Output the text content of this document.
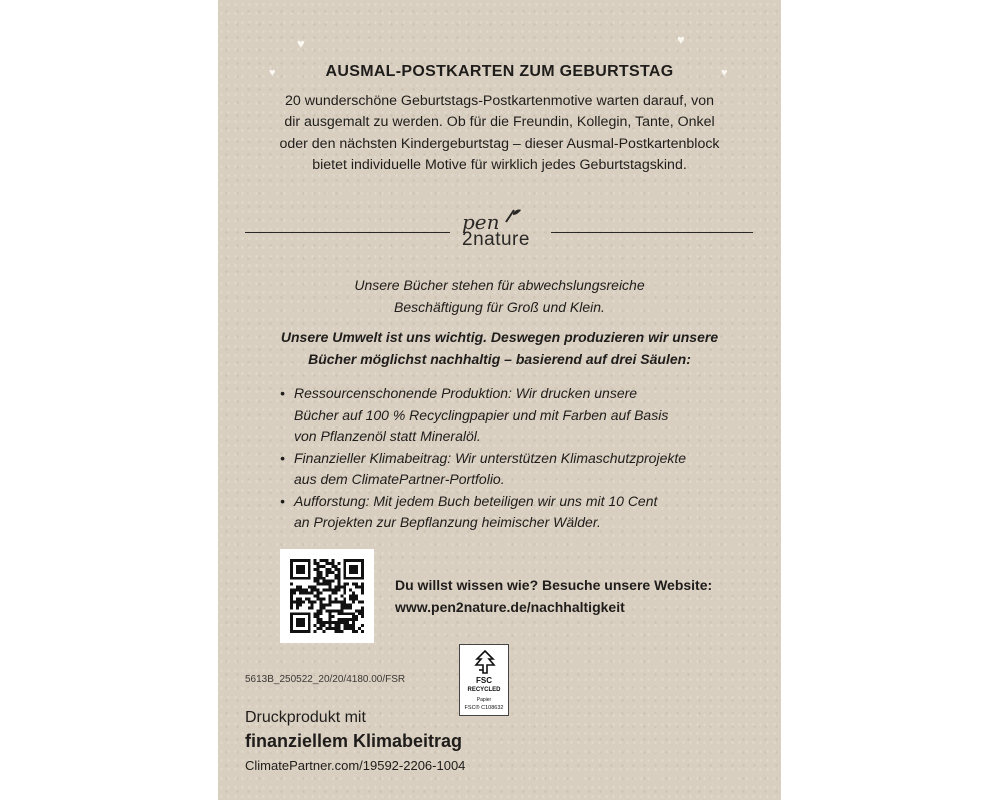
♥
♥
♥
♥
AUSMAL-POSTKARTEN ZUM GEBURTSTAG
20 wunderschöne Geburtstags-Postkartenmotive warten darauf, von
dir ausgemalt zu werden. Ob für die Freundin, Kollegin, Tante, Onkel
oder den nächsten Kindergeburtstag – dieser Ausmal-Postkartenblock
bietet individuelle Motive für wirklich jedes Geburtstagskind.
pen
2nature
Unsere Bücher stehen für abwechslungsreiche
Beschäftigung für Groß und Klein.
Unsere Umwelt ist uns wichtig. Deswegen produzieren wir unsere
Bücher möglichst nachhaltig – basierend auf drei Säulen:
• Ressourcenschonende Produktion: Wir drucken unsere
Bücher auf 100 % Recyclingpapier und mit Farben auf Basis
von Pflanzenöl statt Mineralöl.
• Finanzieller Klimabeitrag: Wir unterstützen Klimaschutzprojekte
aus dem ClimatePartner-Portfolio.
• Aufforstung: Mit jedem Buch beteiligen wir uns mit 10 Cent
an Projekten zur Bepflanzung heimischer Wälder.
Du willst wissen wie? Besuche unsere Website:
www.pen2nature.de/nachhaltigkeit
5613B_250522_20/20/4180.00/FSR	FSC
RECYCLED
Papier
FSC® C108632
Druckprodukt mit
finanziellem Klimabeitrag
ClimatePartner.com/19592-2206-1004
